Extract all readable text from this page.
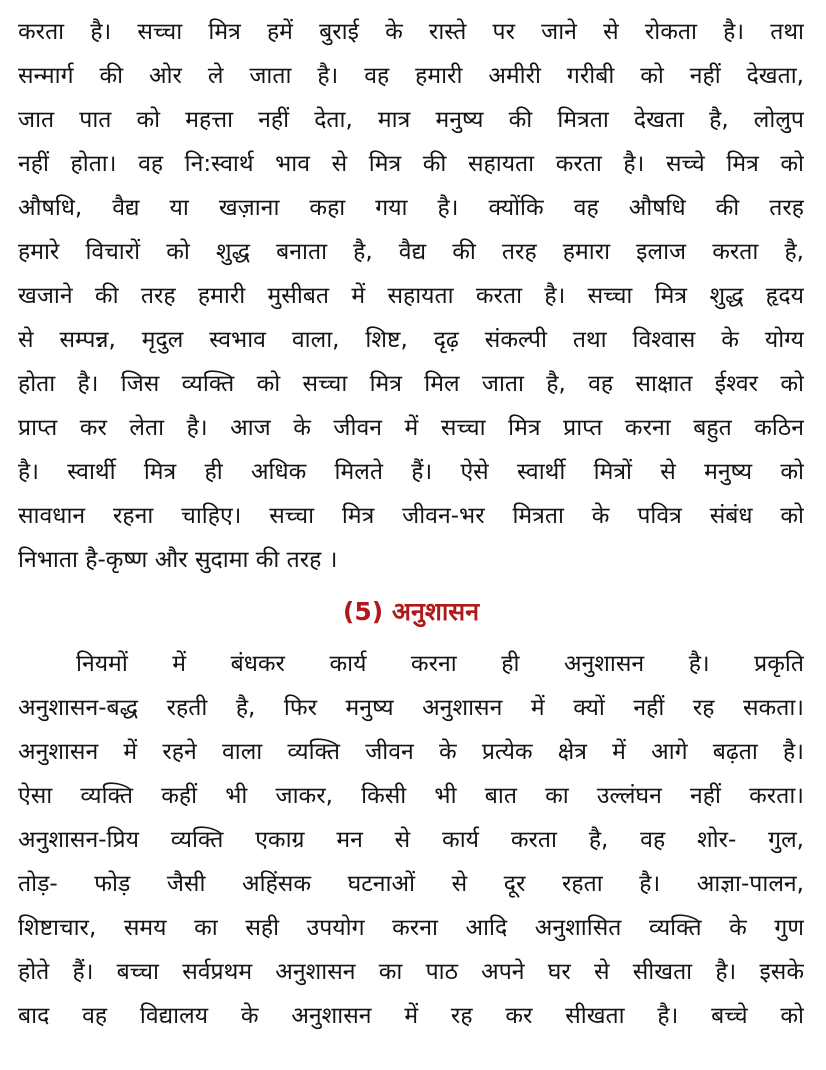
करता है। सच्चा मित्र हमें बुराई के रास्ते पर जाने से रोकता है। तथा

सन्मार्ग की ओर ले जाता है। वह हमारी अमीरी गरीबी को नहीं देखता,

जात पात को महत्ता नहीं देता, मात्र मनुष्य की मित्रता देखता है, लोलुप

नहीं होता। वह नि:स्वार्थ भाव से मित्र की सहायता करता है। सच्चे मित्र को

औषधि, वैद्य या खज़ाना कहा गया है। क्योंकि वह औषधि की तरह

हमारे विचारों को शुद्ध बनाता है, वैद्य की तरह हमारा इलाज करता है,

खजाने की तरह हमारी मुसीबत में सहायता करता है। सच्चा मित्र शुद्ध हृदय

से सम्पन्न, मृदुल स्वभाव वाला, शिष्ट, दृढ़ संकल्पी तथा विश्वास के योग्य

होता है। जिस व्यक्ति को सच्चा मित्र मिल जाता है, वह साक्षात ईश्वर को

प्राप्त कर लेता है। आज के जीवन में सच्चा मित्र प्राप्त करना बहुत कठिन

है। स्वार्थी मित्र ही अधिक मिलते हैं। ऐसे स्वार्थी मित्रों से मनुष्य को

सावधान रहना चाहिए। सच्चा मित्र जीवन-भर मित्रता के पवित्र संबंध को

निभाता है-कृष्ण और सुदामा की तरह ।

(5) अनुशासन

नियमों में बंधकर कार्य करना ही अनुशासन है। प्रकृति

अनुशासन-बद्ध रहती है, फिर मनुष्य अनुशासन में क्यों नहीं रह सकता।

अनुशासन में रहने वाला व्यक्ति जीवन के प्रत्येक क्षेत्र में आगे बढ़ता है।

ऐसा व्यक्ति कहीं भी जाकर, किसी भी बात का उल्लंघन नहीं करता।

अनुशासन-प्रिय व्यक्ति एकाग्र मन से कार्य करता है, वह शोर- गुल,

तोड़- फोड़ जैसी अहिंसक घटनाओं से दूर रहता है। आज्ञा-पालन,

शिष्टाचार, समय का सही उपयोग करना आदि अनुशासित व्यक्ति के गुण

होते हैं। बच्चा सर्वप्रथम अनुशासन का पाठ अपने घर से सीखता है। इसके

बाद वह विद्यालय के अनुशासन में रह कर सीखता है। बच्चे को
